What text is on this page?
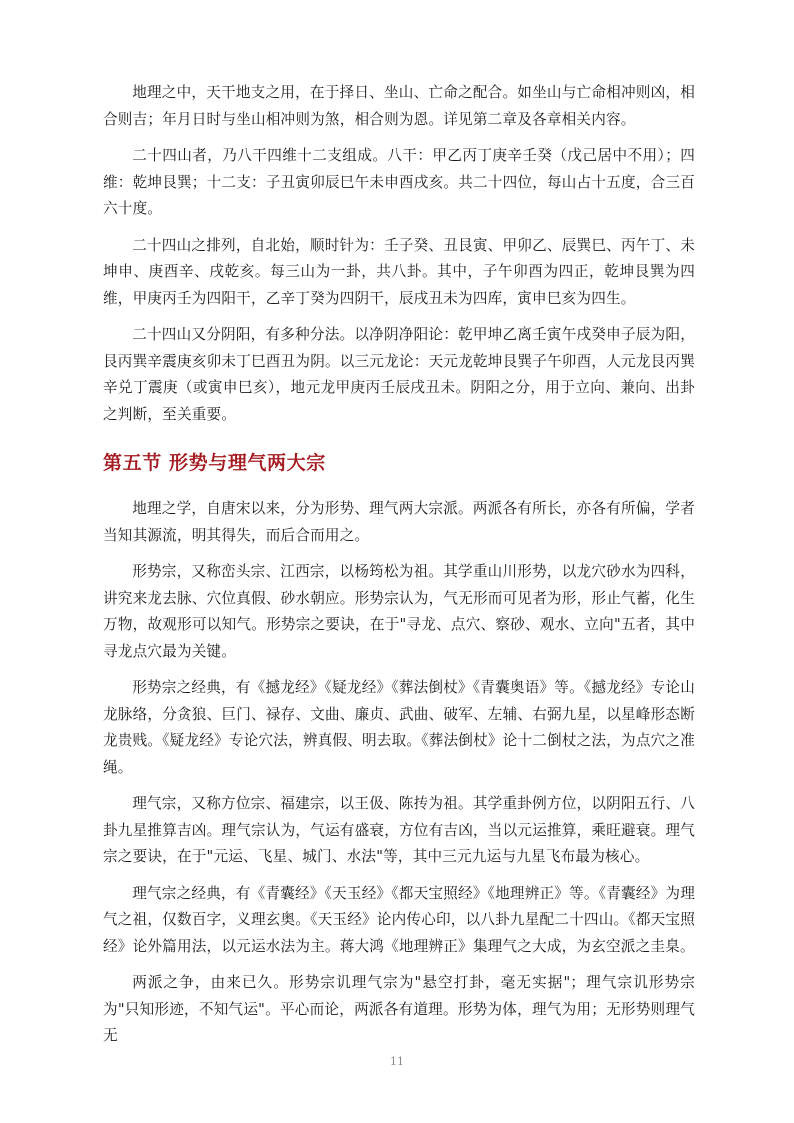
地理之中，天干地支之用，在于择日、坐山、亡命之配合。如坐山与亡命相冲则凶，相合则吉；年月日时与坐山相冲则为煞，相合则为恩。详见第二章及各章相关内容。

二十四山者，乃八干四维十二支组成。八干：甲乙丙丁庚辛壬癸（戊己居中不用）；四维：乾坤艮巽；十二支：子丑寅卯辰巳午未申酉戌亥。共二十四位，每山占十五度，合三百六十度。

二十四山之排列，自北始，顺时针为：壬子癸、丑艮寅、甲卯乙、辰巽巳、丙午丁、未坤申、庚酉辛、戌乾亥。每三山为一卦，共八卦。其中，子午卯酉为四正，乾坤艮巽为四维，甲庚丙壬为四阳干，乙辛丁癸为四阴干，辰戌丑未为四库，寅申巳亥为四生。

二十四山又分阴阳，有多种分法。以净阴净阳论：乾甲坤乙离壬寅午戌癸申子辰为阳，艮丙巽辛震庚亥卯未丁巳酉丑为阴。以三元龙论：天元龙乾坤艮巽子午卯酉，人元龙艮丙巽辛兑丁震庚（或寅申巳亥），地元龙甲庚丙壬辰戌丑未。阴阳之分，用于立向、兼向、出卦之判断，至关重要。

第五节 形势与理气两大宗

地理之学，自唐宋以来，分为形势、理气两大宗派。两派各有所长，亦各有所偏，学者当知其源流，明其得失，而后合而用之。

形势宗，又称峦头宗、江西宗，以杨筠松为祖。其学重山川形势，以龙穴砂水为四科，讲究来龙去脉、穴位真假、砂水朝应。形势宗认为，气无形而可见者为形，形止气蓄，化生万物，故观形可以知气。形势宗之要诀，在于"寻龙、点穴、察砂、观水、立向"五者，其中寻龙点穴最为关键。

形势宗之经典，有《撼龙经》《疑龙经》《葬法倒杖》《青囊奥语》等。《撼龙经》专论山龙脉络，分贪狼、巨门、禄存、文曲、廉贞、武曲、破军、左辅、右弼九星，以星峰形态断龙贵贱。《疑龙经》专论穴法，辨真假、明去取。《葬法倒杖》论十二倒杖之法，为点穴之准绳。

理气宗，又称方位宗、福建宗，以王伋、陈抟为祖。其学重卦例方位，以阴阳五行、八卦九星推算吉凶。理气宗认为，气运有盛衰，方位有吉凶，当以元运推算，乘旺避衰。理气宗之要诀，在于"元运、飞星、城门、水法"等，其中三元九运与九星飞布最为核心。

理气宗之经典，有《青囊经》《天玉经》《都天宝照经》《地理辨正》等。《青囊经》为理气之祖，仅数百字，义理玄奥。《天玉经》论内传心印，以八卦九星配二十四山。《都天宝照经》论外篇用法，以元运水法为主。蒋大鸿《地理辨正》集理气之大成，为玄空派之圭臬。

两派之争，由来已久。形势宗讥理气宗为"悬空打卦，毫无实据"；理气宗讥形势宗为"只知形迹，不知气运"。平心而论，两派各有道理。形势为体，理气为用；无形势则理气无

11
